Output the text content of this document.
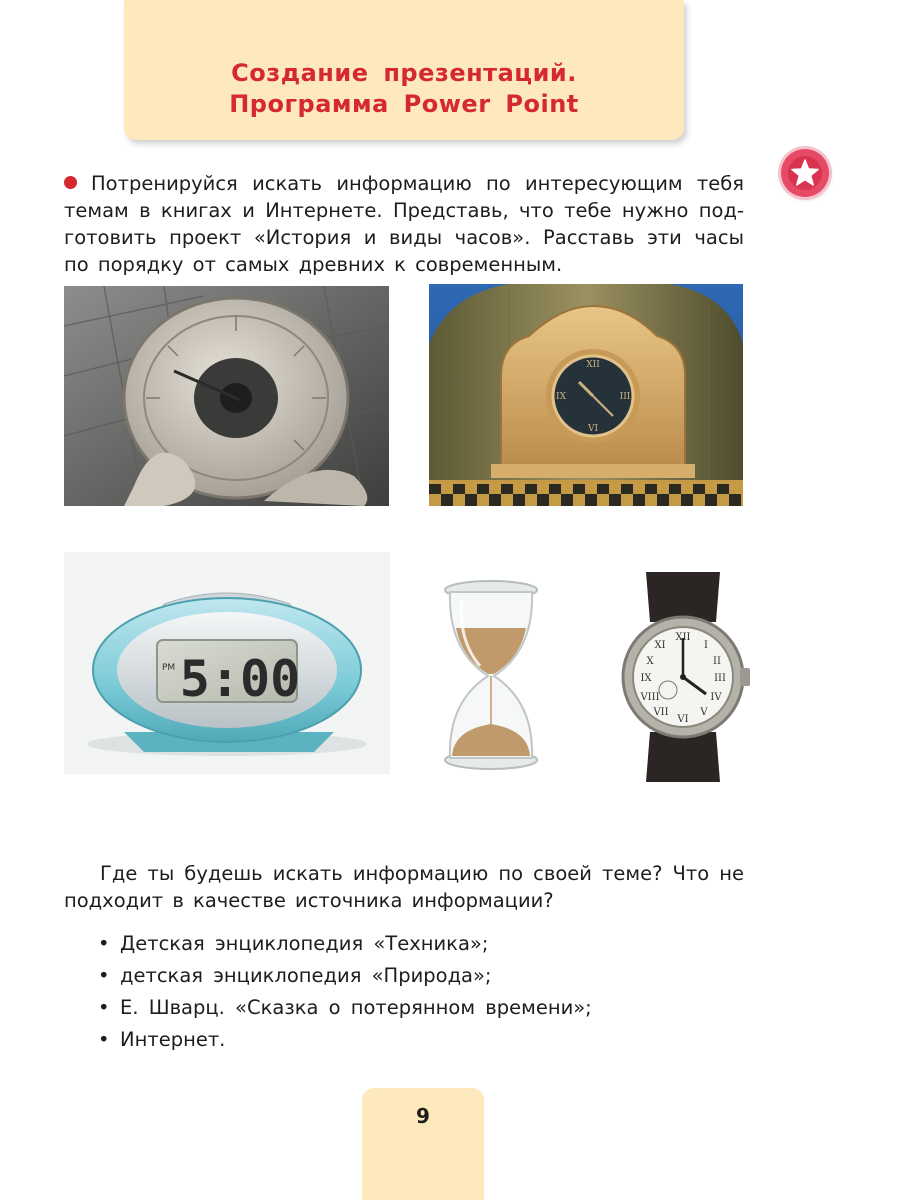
Создание презентаций.
Программа Power Point
Потренируйся искать информацию по интересующим тебя
темам в книгах и Интернете. Представь, что тебе нужно под-
готовить проект «История и виды часов». Расставь эти часы
по порядку от самых древних к современным.
XII
III
VI
IX
PM 5:00
XII
III
VI
IX
I
II
IV
V
VII
VIII
X
XI
Где ты будешь искать информацию по своей теме? Что не
подходит в качестве источника информации?
• Детская энциклопедия «Техника»;
• детская энциклопедия «Природа»;
• Е. Шварц. «Сказка о потерянном времени»;
• Интернет.
9
